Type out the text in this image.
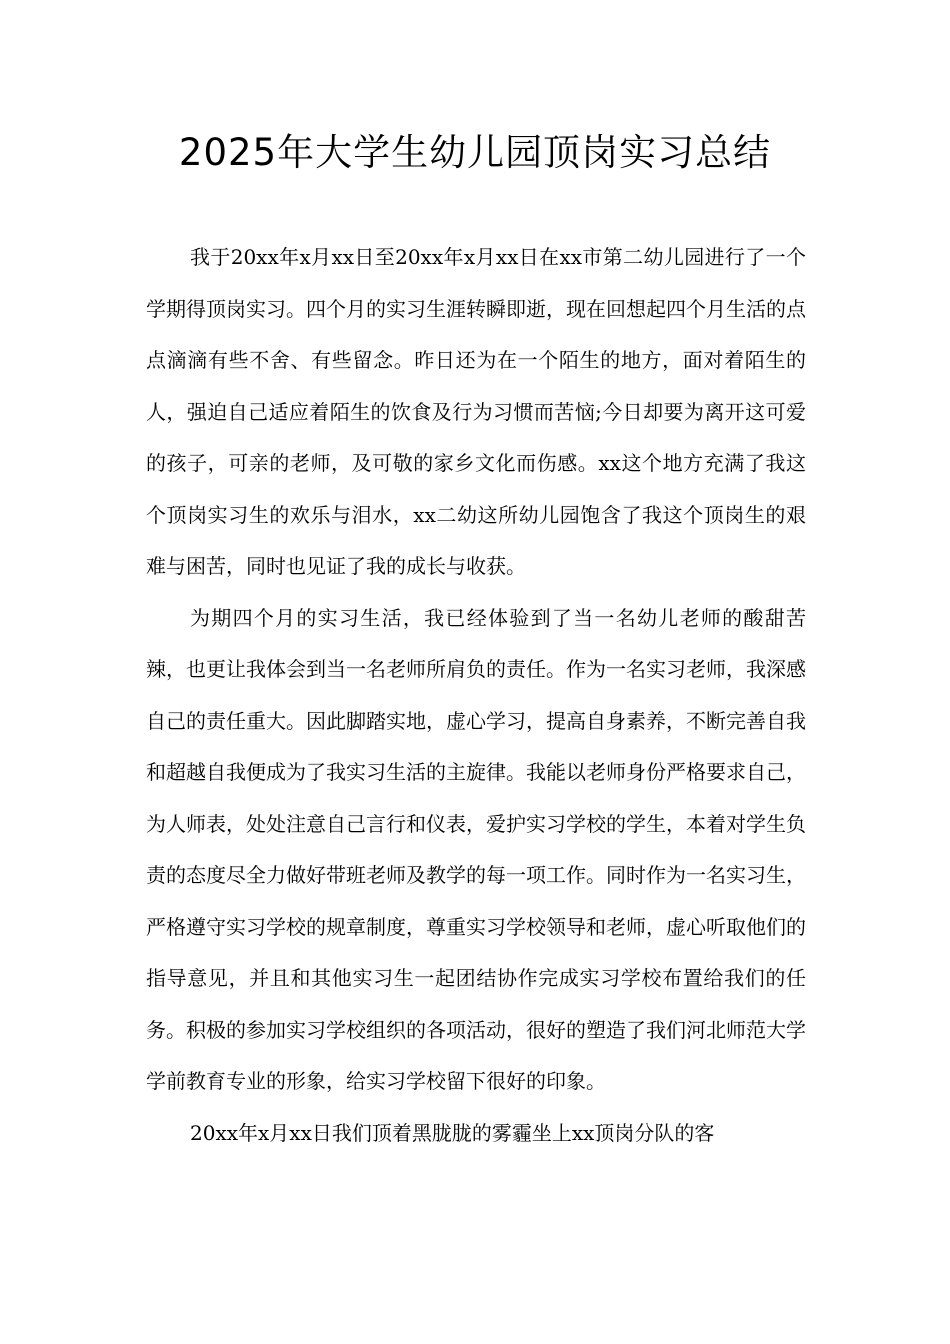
2025年大学生幼儿园顶岗实习总结

我于20xx年x月xx日至20xx年x月xx日在xx市第二幼儿园进行了一个学期得顶岗实习。四个月的实习生涯转瞬即逝，现在回想起四个月生活的点点滴滴有些不舍、有些留念。昨日还为在一个陌生的地方，面对着陌生的人，强迫自己适应着陌生的饮食及行为习惯而苦恼;今日却要为离开这可爱的孩子，可亲的老师，及可敬的家乡文化而伤感。xx这个地方充满了我这个顶岗实习生的欢乐与泪水，xx二幼这所幼儿园饱含了我这个顶岗生的艰难与困苦，同时也见证了我的成长与收获。

为期四个月的实习生活，我已经体验到了当一名幼儿老师的酸甜苦辣，也更让我体会到当一名老师所肩负的责任。作为一名实习老师，我深感自己的责任重大。因此脚踏实地，虚心学习，提高自身素养，不断完善自我和超越自我便成为了我实习生活的主旋律。我能以老师身份严格要求自己，为人师表，处处注意自己言行和仪表，爱护实习学校的学生，本着对学生负责的态度尽全力做好带班老师及教学的每一项工作。同时作为一名实习生，严格遵守实习学校的规章制度，尊重实习学校领导和老师，虚心听取他们的指导意见，并且和其他实习生一起团结协作完成实习学校布置给我们的任务。积极的参加实习学校组织的各项活动，很好的塑造了我们河北师范大学学前教育专业的形象，给实习学校留下很好的印象。

20xx年x月xx日我们顶着黑胧胧的雾霾坐上xx顶岗分队的客
